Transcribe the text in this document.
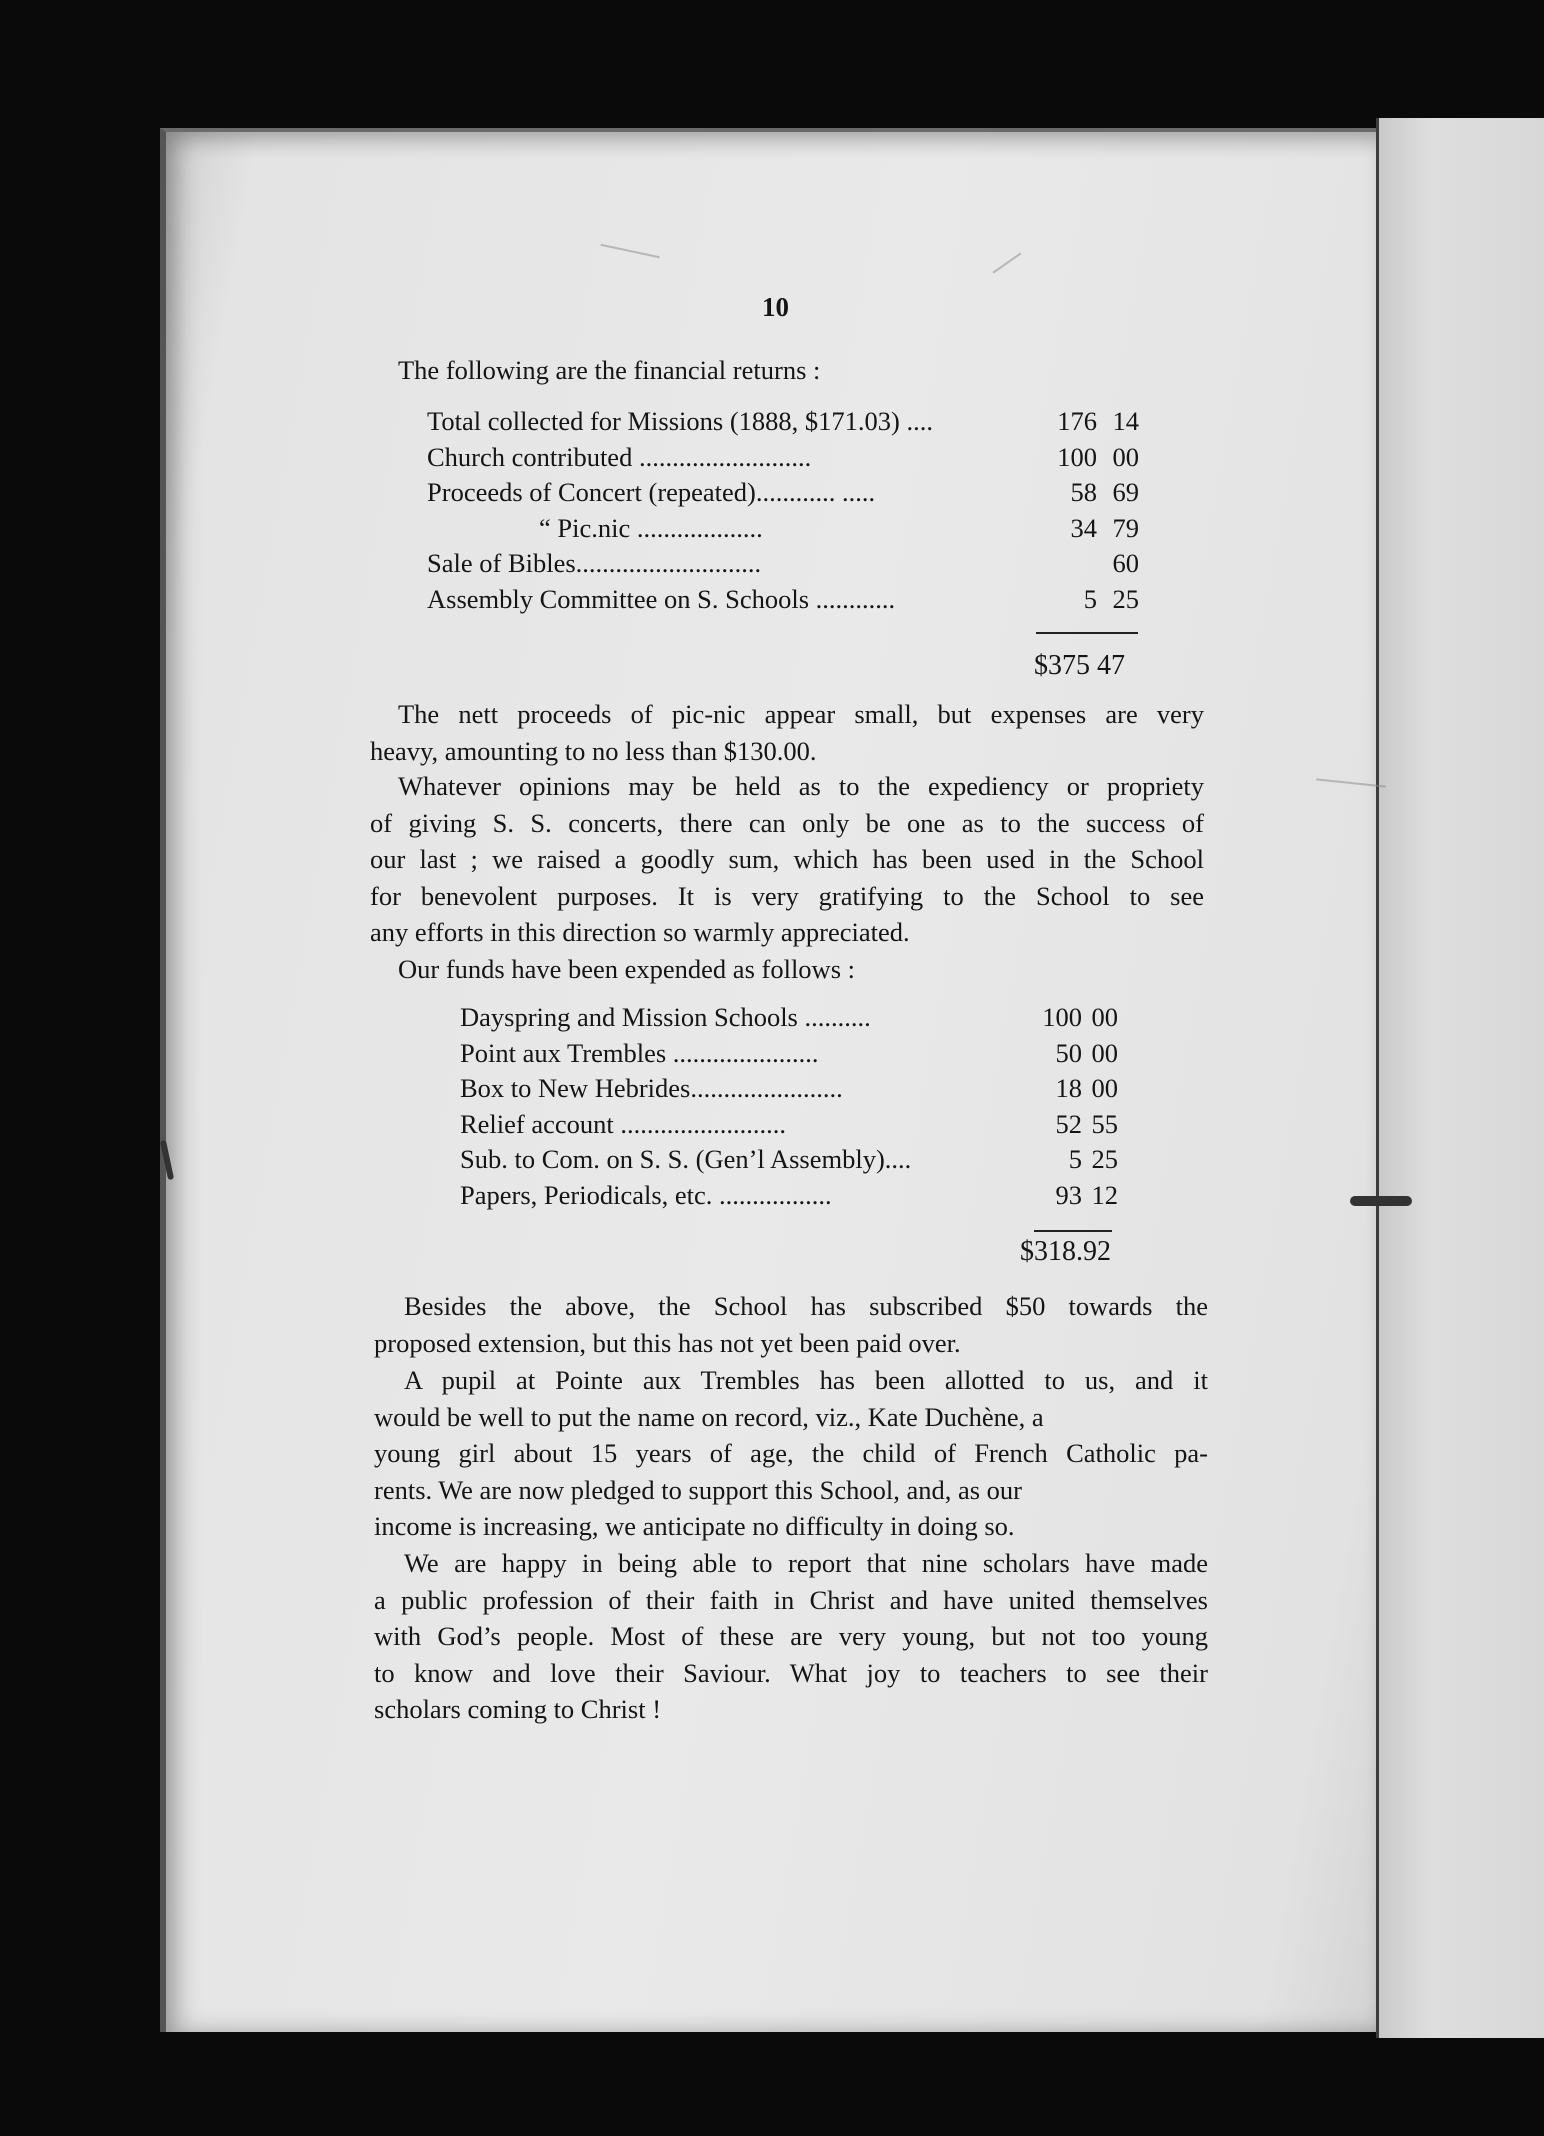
10
The following are the financial returns :
Total collected for Missions (1888, $171.03) ....	176 14
Church contributed ..........................	100 00
Proceeds of Concert (repeated)............ .....	58 69
“ Pic.nic ...................	34 79
Sale of Bibles............................	60
Assembly Committee on S. Schools ............	5 25
$375 47
The nett proceeds of pic-nic appear small, but expenses are very
heavy, amounting to no less than $130.00.
Whatever opinions may be held as to the expediency or propriety
of giving S. S. concerts, there can only be one as to the success of
our last ; we raised a goodly sum, which has been used in the School
for benevolent purposes. It is very gratifying to the School to see
any efforts in this direction so warmly appreciated.
Our funds have been expended as follows :
Dayspring and Mission Schools ..........	100 00
Point aux Trembles ......................	50 00
Box to New Hebrides.......................	18 00
Relief account .........................	52 55
Sub. to Com. on S. S. (Gen’l Assembly)....	5 25
Papers, Periodicals, etc. .................	93 12
$318.92
Besides the above, the School has subscribed $50 towards the
proposed extension, but this has not yet been paid over.
A pupil at Pointe aux Trembles has been allotted to us, and it
would be well to put the name on record, viz., Kate Duchène, a
young girl about 15 years of age, the child of French Catholic pa-
rents. We are now pledged to support this School, and, as our
income is increasing, we anticipate no difficulty in doing so.
We are happy in being able to report that nine scholars have made
a public profession of their faith in Christ and have united themselves
with God’s people. Most of these are very young, but not too young
to know and love their Saviour. What joy to teachers to see their
scholars coming to Christ !
